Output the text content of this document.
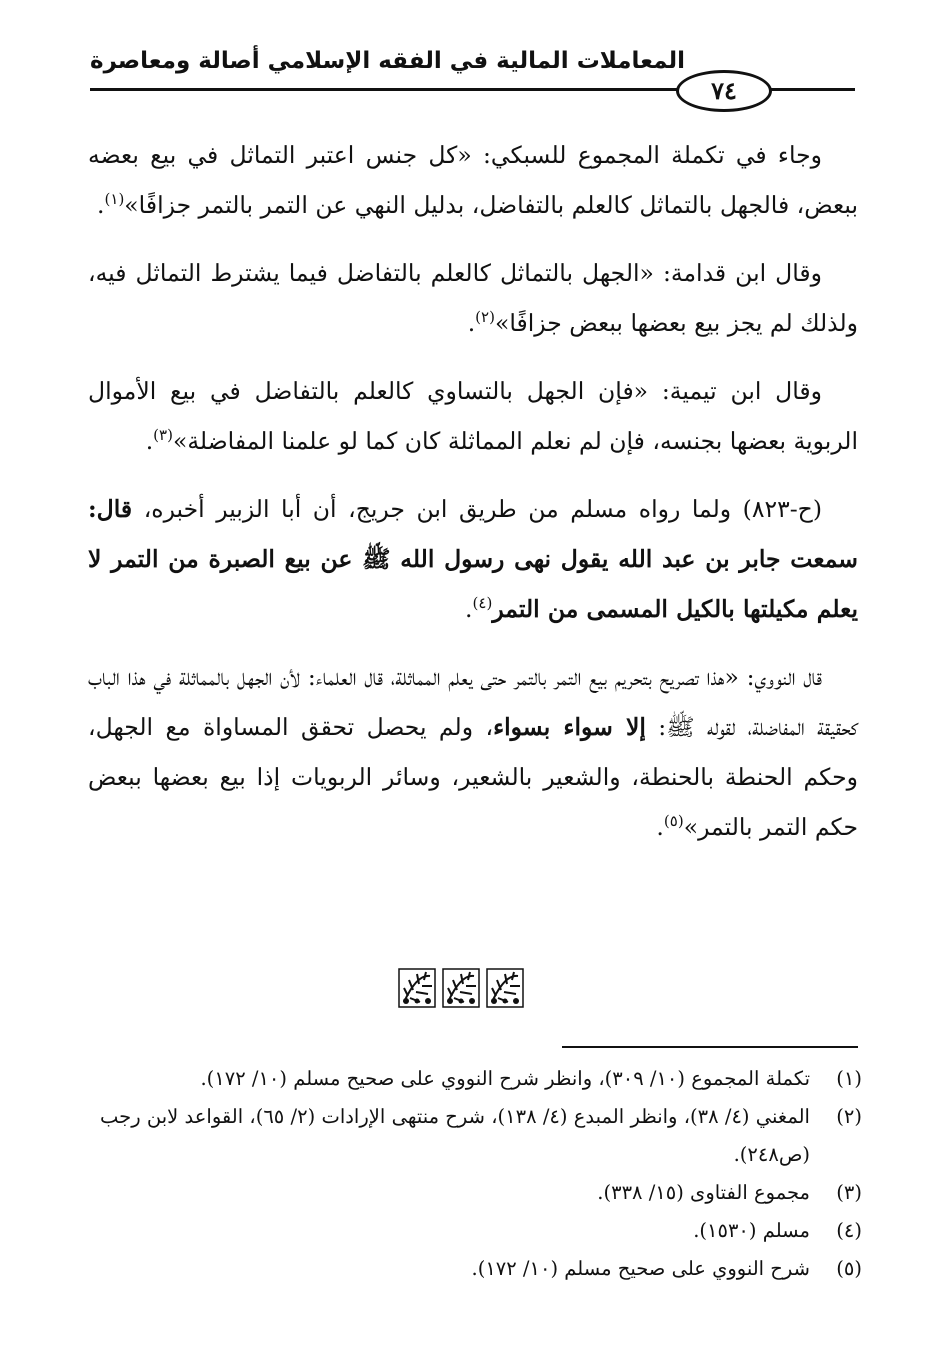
المعاملات المالية في الفقه الإسلامي أصالة ومعاصرة
٧٤

وجاء في تكملة المجموع للسبكي: «كل جنس اعتبر التماثل في بيع بعضه ببعض، فالجهل بالتماثل كالعلم بالتفاضل، بدليل النهي عن التمر بالتمر جزافًا»$^{(١)}$.

وقال ابن قدامة: «الجهل بالتماثل كالعلم بالتفاضل فيما يشترط التماثل فيه، ولذلك لم يجز بيع بعضها ببعض جزافًا»$^{(٢)}$.

وقال ابن تيمية: «فإن الجهل بالتساوي كالعلم بالتفاضل في بيع الأموال الربوية بعضها بجنسه، فإن لم نعلم المماثلة كان كما لو علمنا المفاضلة»$^{(٣)}$.

(ح-٨٢٣) ولما رواه مسلم من طريق ابن جريج، أن أبا الزبير أخبره، قال: سمعت جابر بن عبد الله يقول نهى رسول الله ﷺ عن بيع الصبرة من التمر لا يعلم مكيلتها بالكيل المسمى من التمر$^{(٤)}$.

قال النووي: «هذا تصريح بتحريم بيع التمر بالتمر حتى يعلم المماثلة، قال العلماء: لأن الجهل بالمماثلة في هذا الباب كحقيقة المفاضلة، لقوله ﷺ: إلا سواء بسواء، ولم يحصل تحقق المساواة مع الجهل، وحكم الحنطة بالحنطة، والشعير بالشعير، وسائر الربويات إذا بيع بعضها ببعض حكم التمر بالتمر»$^{(٥)}$.

(١)
تكملة المجموع (١٠/ ٣٠٩)، وانظر شرح النووي على صحيح مسلم (١٠/ ١٧٢).
(٢)
المغني (٤/ ٣٨)، وانظر المبدع (٤/ ١٣٨)، شرح منتهى الإرادات (٢/ ٦٥)، القواعد لابن رجب (ص٢٤٨).
(٣)
مجموع الفتاوى (١٥/ ٣٣٨).
(٤)
مسلم (١٥٣٠).
(٥)
شرح النووي على صحيح مسلم (١٠/ ١٧٢).
